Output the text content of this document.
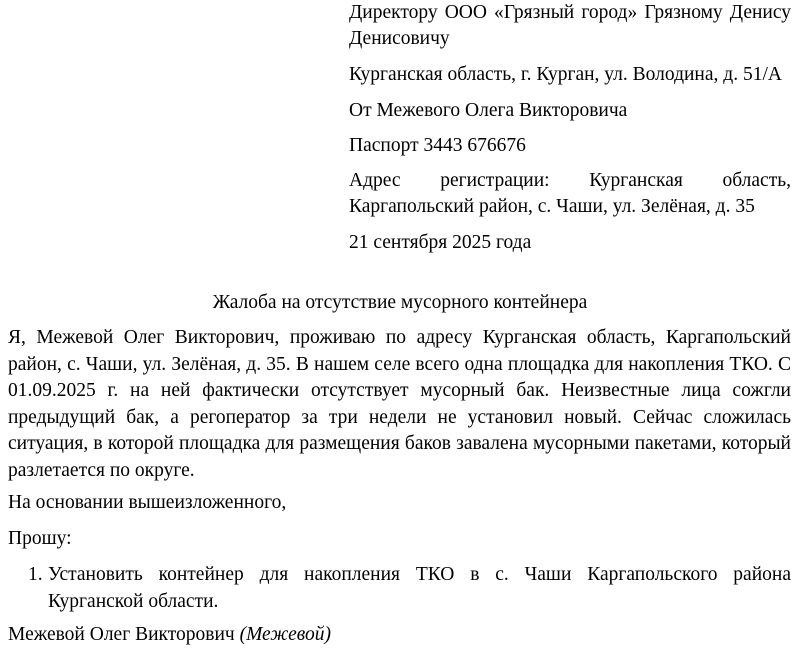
Директору ООО «Грязный город» Грязному Денису Денисовичу

Курганская область, г. Курган, ул. Володина, д. 51/А

От Межевого Олега Викторовича

Паспорт 3443 676676

Адрес регистрации: Курганская область, Каргапольский район, с. Чаши, ул. Зелёная, д. 35

21 сентября 2025 года

Жалоба на отсутствие мусорного контейнера

Я, Межевой Олег Викторович, проживаю по адресу Курганская область, Каргапольский район, с. Чаши, ул. Зелёная, д. 35. В нашем селе всего одна площадка для накопления ТКО. С 01.09.2025 г. на ней фактически отсутствует мусорный бак. Неизвестные лица сожгли предыдущий бак, а регоператор за три недели не установил новый. Сейчас сложилась ситуация, в которой площадка для размещения баков завалена мусорными пакетами, который разлетается по округе.

На основании вышеизложенного,

Прошу:

1. Установить контейнер для накопления ТКО в с. Чаши Каргапольского района Курганской области.

Межевой Олег Викторович (Межевой)
